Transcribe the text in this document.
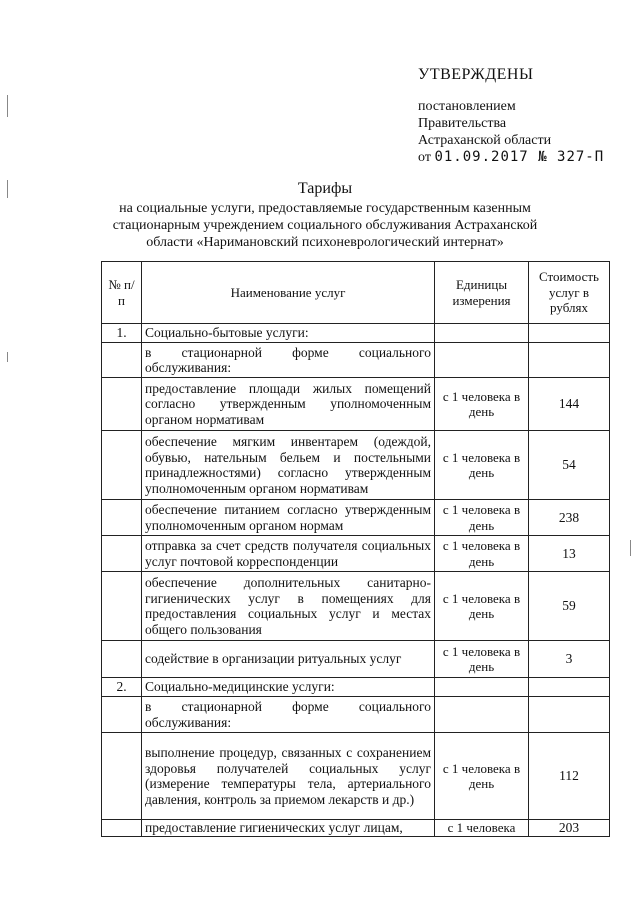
УТВЕРЖДЕНЫ
постановлением
Правительства
Астраханской области
от 01.09.2017 № 327-П
Тарифы
на социальные услуги, предоставляемые государственным казенным стационарным учреждением социального обслуживания Астраханской области «Наримановский психоневрологический интернат»
№ п/п	Наименование услуг	Единицы измерения	Стоимость услуг в рублях
1.	Социально-бытовые услуги:		
	в стационарной форме социального обслуживания:		
	предоставление площади жилых помещений согласно утвержденным уполномоченным органом нормативам	с 1 человека в день	144
	обеспечение мягким инвентарем (одеждой, обувью, нательным бельем и постельными принадлежностями) согласно утвержденным уполномоченным органом нормативам	с 1 человека в день	54
	обеспечение питанием согласно утвержденным уполномоченным органом нормам	с 1 человека в день	238
	отправка за счет средств получателя социальных услуг почтовой корреспонденции	с 1 человека в день	13
	обеспечение дополнительных санитарно-гигиенических услуг в помещениях для предоставления социальных услуг и местах общего пользования	с 1 человека в день	59
	содействие в организации ритуальных услуг	с 1 человека в день	3
2.	Социально-медицинские услуги:		
	в стационарной форме социального обслуживания:		
	выполнение процедур, связанных с сохранением здоровья получателей социальных услуг (измерение температуры тела, артериального давления, контроль за приемом лекарств и др.)	с 1 человека в день	112
	предоставление гигиенических услуг лицам,	с 1 человека	203
